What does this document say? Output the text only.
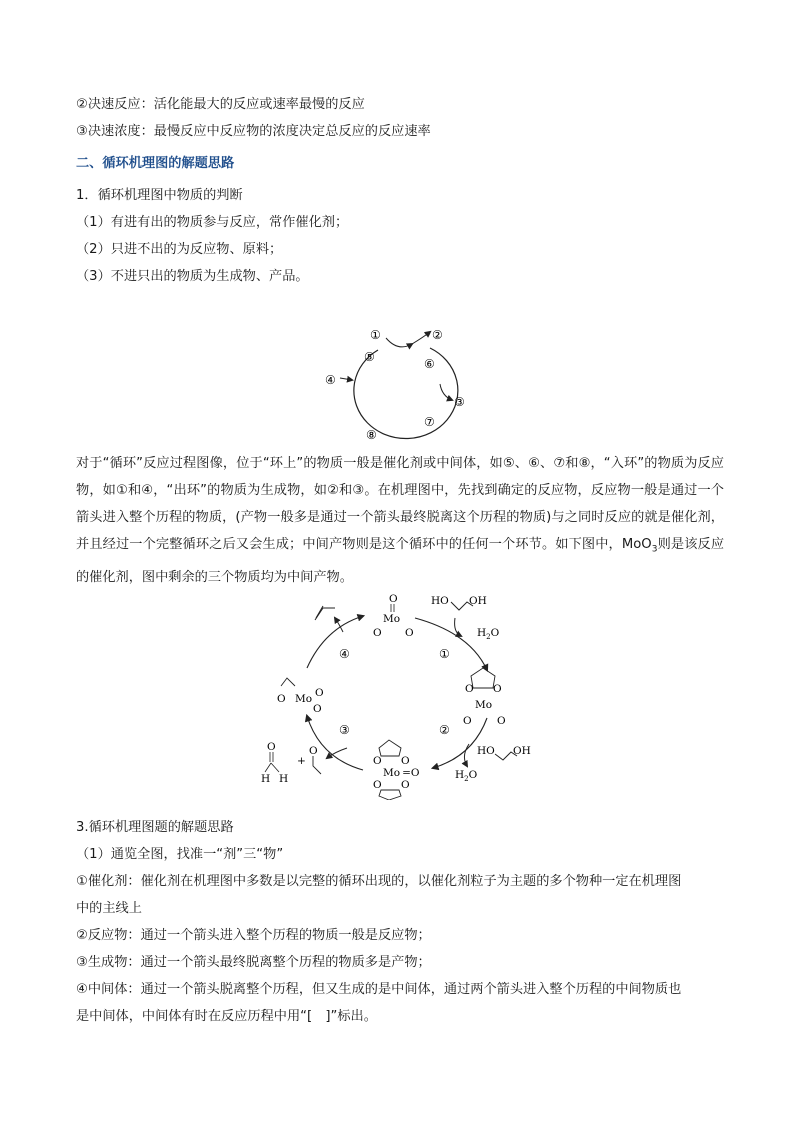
②决速反应：活化能最大的反应或速率最慢的反应
③决速浓度：最慢反应中反应物的浓度决定总反应的反应速率
二、循环机理图的解题思路
1．循环机理图中物质的判断
（1）有进有出的物质参与反应，常作催化剂；
（2）只进不出的为反应物、原料；
（3）不进只出的物质为生成物、产品。
①	②
③
④
⑤	⑥
⑦
⑧
对于“循环”反应过程图像，位于“环上”的物质一般是催化剂或中间体，如⑤、⑥、⑦和⑧，“入环”的物质为反应物，如①和④，“出环”的物质为生成物，如②和③。在机理图中，先找到确定的反应物，反应物一般是通过一个箭头进入整个历程的物质，(产物一般多是通过一个箭头最终脱离这个历程的物质)与之同时反应的就是催化剂，并且经过一个完整循环之后又会生成；中间产物则是这个循环中的任何一个环节。如下图中，MoO$_3$则是该反应的催化剂，图中剩余的三个物质均为中间产物。
①
②
③
④
O
Mo
O O
HO OH
$H_2O$
O O
Mo
O O
O O
Mo =O
O O
HO OH
$H_2O$
O Mo O
O
O
H H
+
O
3.循环机理图题的解题思路
（1）通览全图，找准一“剂”三“物”
①催化剂：催化剂在机理图中多数是以完整的循环出现的，以催化剂粒子为主题的多个物种一定在机理图
中的主线上
②反应物：通过一个箭头进入整个历程的物质一般是反应物；
③生成物：通过一个箭头最终脱离整个历程的物质多是产物；
④中间体：通过一个箭头脱离整个历程，但又生成的是中间体，通过两个箭头进入整个历程的中间物质也
是中间体，中间体有时在反应历程中用“[　]”标出。
